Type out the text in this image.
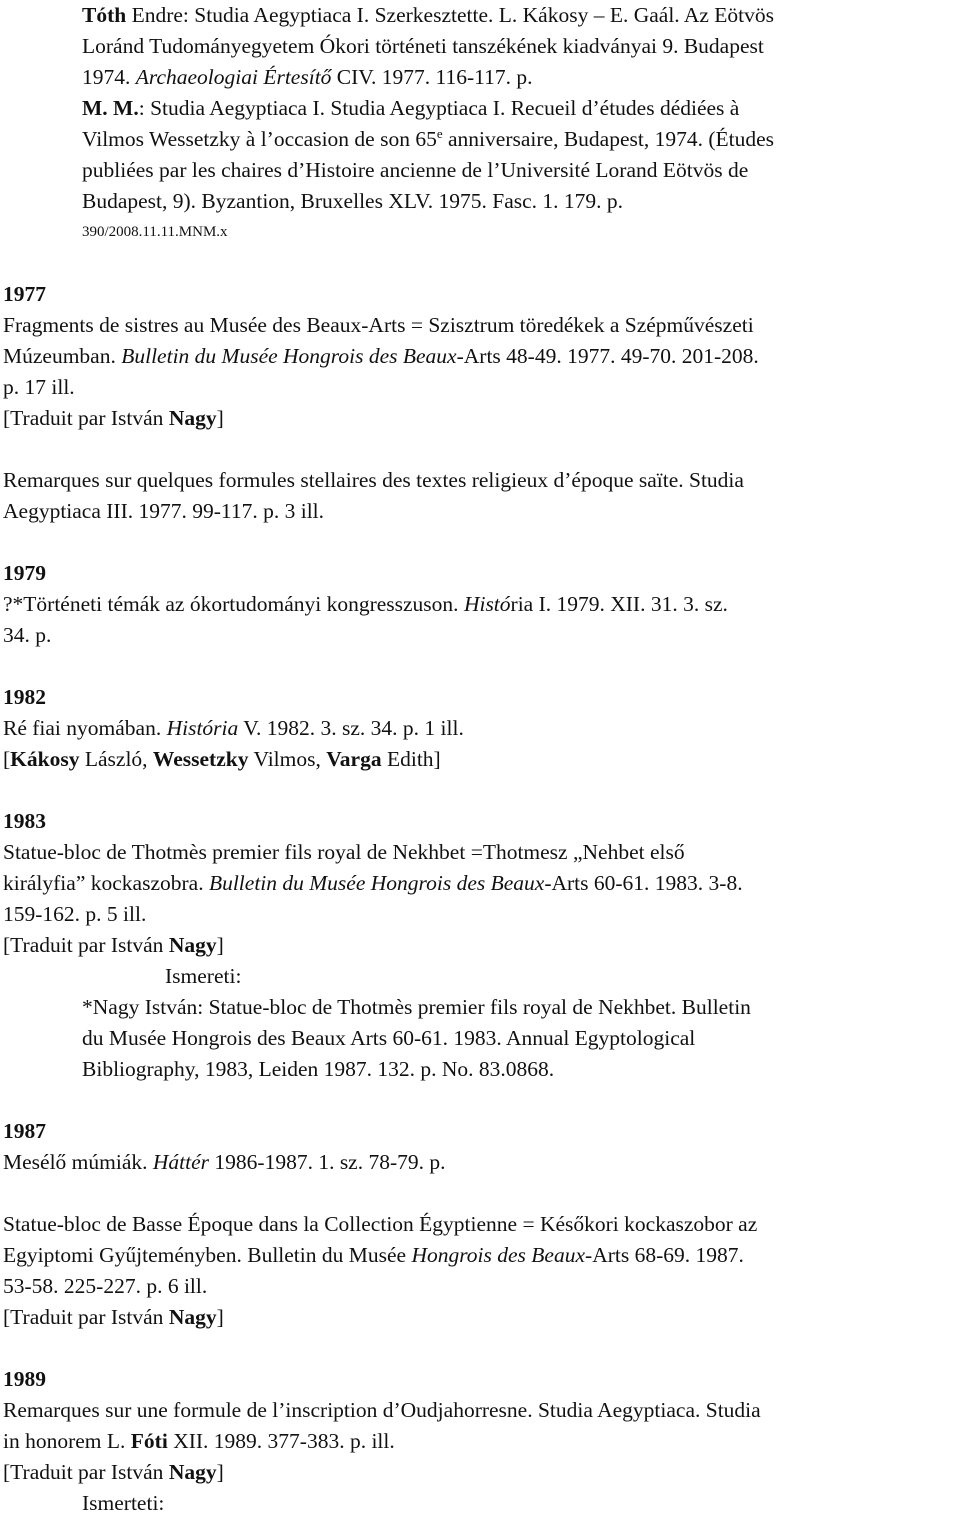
Tóth Endre: Studia Aegyptiaca I. Szerkesztette. L. Kákosy – E. Gaál. Az Eötvös
Loránd Tudományegyetem Ókori történeti tanszékének kiadványai 9. Budapest
1974. Archaeologiai Értesítő CIV. 1977. 116-117. p.
M. M.: Studia Aegyptiaca I. Studia Aegyptiaca I. Recueil d’études dédiées à
Vilmos Wessetzky à l’occasion de son 65e anniversaire, Budapest, 1974. (Études
publiées par les chaires d’Histoire ancienne de l’Université Lorand Eötvös de
Budapest, 9). Byzantion, Bruxelles XLV. 1975. Fasc. 1. 179. p.
390/2008.11.11.MNM.x
1977
Fragments de sistres au Musée des Beaux-Arts = Szisztrum töredékek a Szépművészeti
Múzeumban. Bulletin du Musée Hongrois des Beaux-Arts 48-49. 1977. 49-70. 201-208.
p. 17 ill.
[Traduit par István Nagy]
Remarques sur quelques formules stellaires des textes religieux d’époque saïte. Studia
Aegyptiaca III. 1977. 99-117. p. 3 ill.
1979
?*Történeti témák az ókortudományi kongresszuson. História I. 1979. XII. 31. 3. sz.
34. p.
1982
Ré fiai nyomában. História V. 1982. 3. sz. 34. p. 1 ill.
[Kákosy László, Wessetzky Vilmos, Varga Edith]
1983
Statue-bloc de Thotmès premier fils royal de Nekhbet =Thotmesz „Nehbet első
királyfia” kockaszobra. Bulletin du Musée Hongrois des Beaux-Arts 60-61. 1983. 3-8.
159-162. p. 5 ill.
[Traduit par István Nagy]
Ismereti:
*Nagy István: Statue-bloc de Thotmès premier fils royal de Nekhbet. Bulletin
du Musée Hongrois des Beaux Arts 60-61. 1983. Annual Egyptological
Bibliography, 1983, Leiden 1987. 132. p. No. 83.0868.
1987
Mesélő múmiák. Háttér 1986-1987. 1. sz. 78-79. p.
Statue-bloc de Basse Époque dans la Collection Égyptienne = Későkori kockaszobor az
Egyiptomi Gyűjteményben. Bulletin du Musée Hongrois des Beaux-Arts 68-69. 1987.
53-58. 225-227. p. 6 ill.
[Traduit par István Nagy]
1989
Remarques sur une formule de l’inscription d’Oudjahorresne. Studia Aegyptiaca. Studia
in honorem L. Fóti XII. 1989. 377-383. p. ill.
[Traduit par István Nagy]
Ismerteti:
